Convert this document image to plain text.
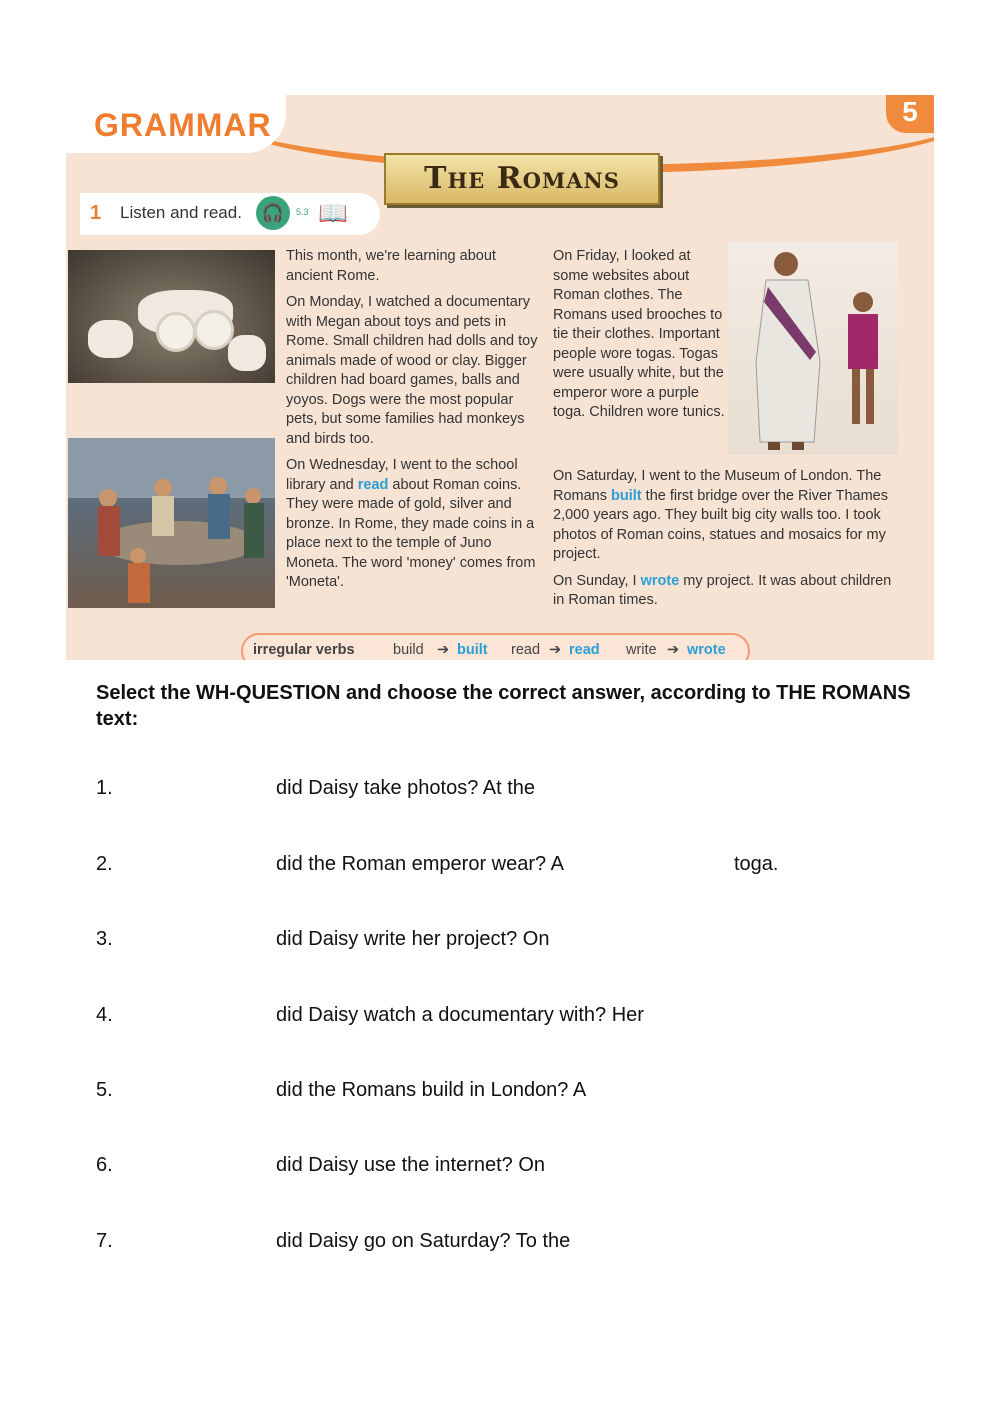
GRAMMAR	5
The Romans
1 Listen and read.	🎧	5.3 📖

This month, we're learning about ancient Rome.

On Monday, I watched a documentary with Megan about toys and pets in Rome. Small children had dolls and toy animals made of wood or clay. Bigger children had board games, balls and yoyos. Dogs were the most popular pets, but some families had monkeys and birds too.

On Wednesday, I went to the school library and read about Roman coins. They were made of gold, silver and bronze. In Rome, they made coins in a place next to the temple of Juno Moneta. The word 'money' comes from 'Moneta'.

On Friday, I looked at some websites about Roman clothes. The Romans used brooches to tie their clothes. Important people wore togas. Togas were usually white, but the emperor wore a purple toga. Children wore tunics.

On Saturday, I went to the Museum of London. The Romans built the first bridge over the River Thames 2,000 years ago. They built big city walls too. I took photos of Roman coins, statues and mosaics for my project.

On Sunday, I wrote my project. It was about children in Roman times.

irregular verbs	build ➔ built read ➔ read write ➔ wrote
Select the WH-QUESTION and choose the correct answer, according to THE ROMANS text:
1.	did Daisy take photos? At the
2.	did the Roman emperor wear? A	toga.
3.	did Daisy write her project? On
4.	did Daisy watch a documentary with? Her
5.	did the Romans build in London? A
6.	did Daisy use the internet? On
7.	did Daisy go on Saturday? To the
